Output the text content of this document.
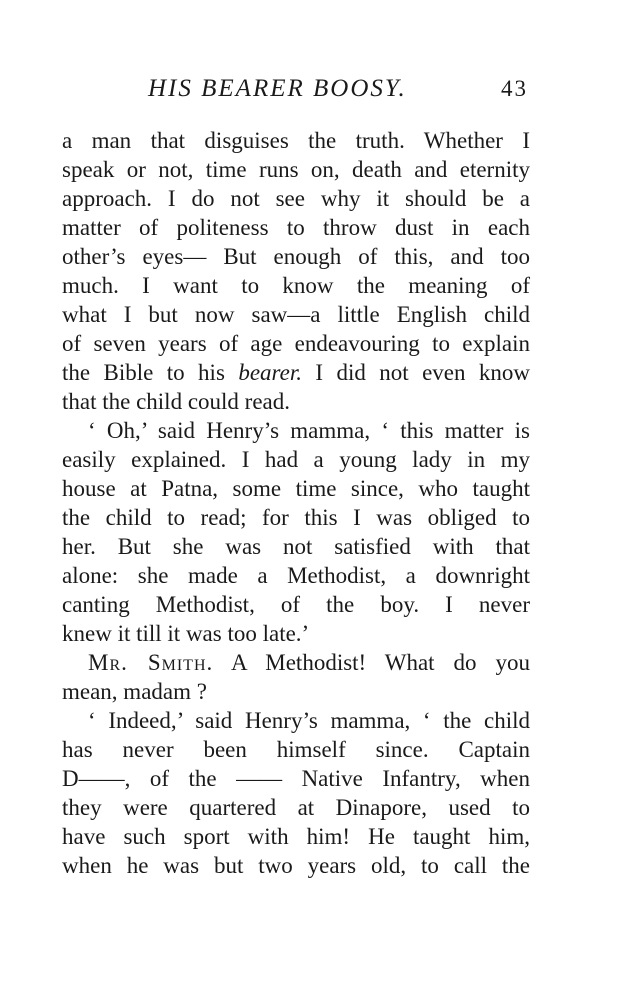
HIS BEARER BOOSY.	43
a man that disguises the truth. Whether I
speak or not, time runs on, death and eternity
approach. I do not see why it should be a
matter of politeness to throw dust in each
other’s eyes— But enough of this, and too
much. I want to know the meaning of
what I but now saw—a little English child
of seven years of age endeavouring to explain
the Bible to his bearer. I did not even know
that the child could read.
‘ Oh,’ said Henry’s mamma, ‘ this matter is
easily explained. I had a young lady in my
house at Patna, some time since, who taught
the child to read; for this I was obliged to
her. But she was not satisfied with that
alone: she made a Methodist, a downright
canting Methodist, of the boy. I never
knew it till it was too late.’
Mr. Smith. A Methodist! What do you
mean, madam ?
‘ Indeed,’ said Henry’s mamma, ‘ the child
has never been himself since. Captain
D——, of the —— Native Infantry, when
they were quartered at Dinapore, used to
have such sport with him! He taught him,
when he was but two years old, to call the
